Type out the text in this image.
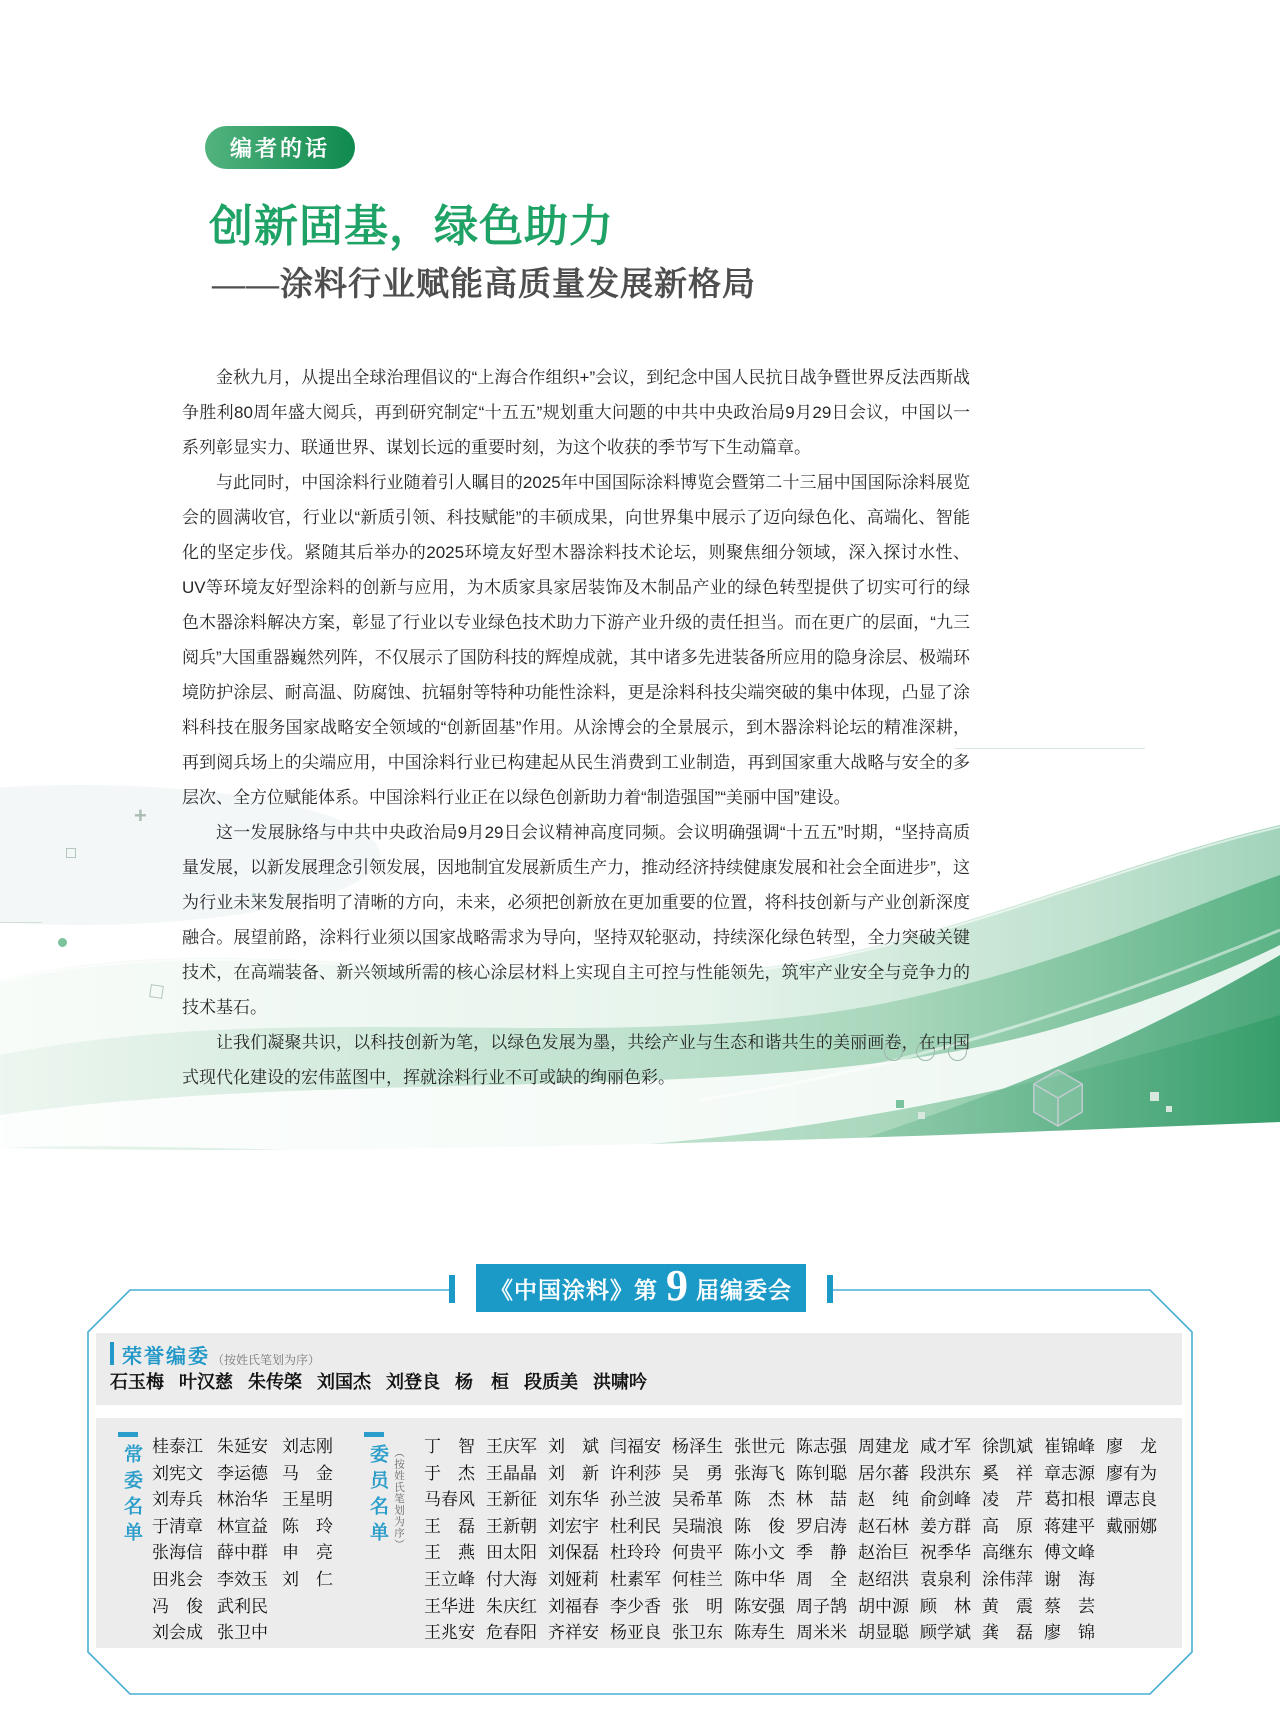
+
编者的话
创新固基，绿色助力
——涂料行业赋能高质量发展新格局

金秋九月，从提出全球治理倡议的“上海合作组织+”会议，到纪念中国人民抗日战争暨世界反法西斯战争胜利80周年盛大阅兵，再到研究制定“十五五”规划重大问题的中共中央政治局9月29日会议，中国以一系列彰显实力、联通世界、谋划长远的重要时刻，为这个收获的季节写下生动篇章。

与此同时，中国涂料行业随着引人瞩目的2025年中国国际涂料博览会暨第二十三届中国国际涂料展览会的圆满收官，行业以“新质引领、科技赋能”的丰硕成果，向世界集中展示了迈向绿色化、高端化、智能化的坚定步伐。紧随其后举办的2025环境友好型木器涂料技术论坛，则聚焦细分领域，深入探讨水性、UV等环境友好型涂料的创新与应用，为木质家具家居装饰及木制品产业的绿色转型提供了切实可行的绿色木器涂料解决方案，彰显了行业以专业绿色技术助力下游产业升级的责任担当。而在更广的层面，“九三阅兵”大国重器巍然列阵，不仅展示了国防科技的辉煌成就，其中诸多先进装备所应用的隐身涂层、极端环境防护涂层、耐高温、防腐蚀、抗辐射等特种功能性涂料，更是涂料科技尖端突破的集中体现，凸显了涂料科技在服务国家战略安全领域的“创新固基”作用。从涂博会的全景展示，到木器涂料论坛的精准深耕，再到阅兵场上的尖端应用，中国涂料行业已构建起从民生消费到工业制造，再到国家重大战略与安全的多层次、全方位赋能体系。中国涂料行业正在以绿色创新助力着“制造强国”“美丽中国”建设。

这一发展脉络与中共中央政治局9月29日会议精神高度同频。会议明确强调“十五五”时期，“坚持高质量发展，以新发展理念引领发展，因地制宜发展新质生产力，推动经济持续健康发展和社会全面进步”，这为行业未来发展指明了清晰的方向，未来，必须把创新放在更加重要的位置，将科技创新与产业创新深度融合。展望前路，涂料行业须以国家战略需求为导向，坚持双轮驱动，持续深化绿色转型，全力突破关键技术，在高端装备、新兴领域所需的核心涂层材料上实现自主可控与性能领先，筑牢产业安全与竞争力的技术基石。

让我们凝聚共识，以科技创新为笔，以绿色发展为墨，共绘产业与生态和谐共生的美丽画卷，在中国式现代化建设的宏伟蓝图中，挥就涂料行业不可或缺的绚丽色彩。

《中国涂料》第 9 届编委会
荣誉编委 （按姓氏笔划为序）
石玉梅 叶汉慈 朱传棨 刘国杰 刘登良 杨　桓 段质美 洪啸吟
常委名单 桂泰江
刘宪文
刘寿兵
于清章
张海信
田兆会
冯　俊
刘会成
朱延安
李运德
林治华
林宣益
薛中群
李效玉
武利民
张卫中
刘志刚
马　金
王星明
陈　玲
申　亮
刘　仁
委员名单 （按姓氏笔划为序）
丁　智
于　杰
马春风
王　磊
王　燕
王立峰
王华进
王兆安
王庆军
王晶晶
王新征
王新朝
田太阳
付大海
朱庆红
危春阳
刘　斌
刘　新
刘东华
刘宏宇
刘保磊
刘娅莉
刘福春
齐祥安
闫福安
许利莎
孙兰波
杜利民
杜玲玲
杜素军
李少香
杨亚良
杨泽生
吴　勇
吴希革
吴瑞浪
何贵平
何桂兰
张　明
张卫东
张世元
张海飞
陈　杰
陈　俊
陈小文
陈中华
陈安强
陈寿生
陈志强
陈钊聪
林　喆
罗启涛
季　静
周　全
周子鹄
周米米
周建龙
居尔蕃
赵　纯
赵石林
赵治巨
赵绍洪
胡中源
胡显聪
咸才军
段洪东
俞剑峰
姜方群
祝季华
袁泉利
顾　林
顾学斌
徐凯斌
奚　祥
凌　芹
高　原
高继东
涂伟萍
黄　震
龚　磊
崔锦峰
章志源
葛扣根
蒋建平
傅文峰
谢　海
蔡　芸
廖　锦
廖　龙
廖有为
谭志良
戴丽娜
